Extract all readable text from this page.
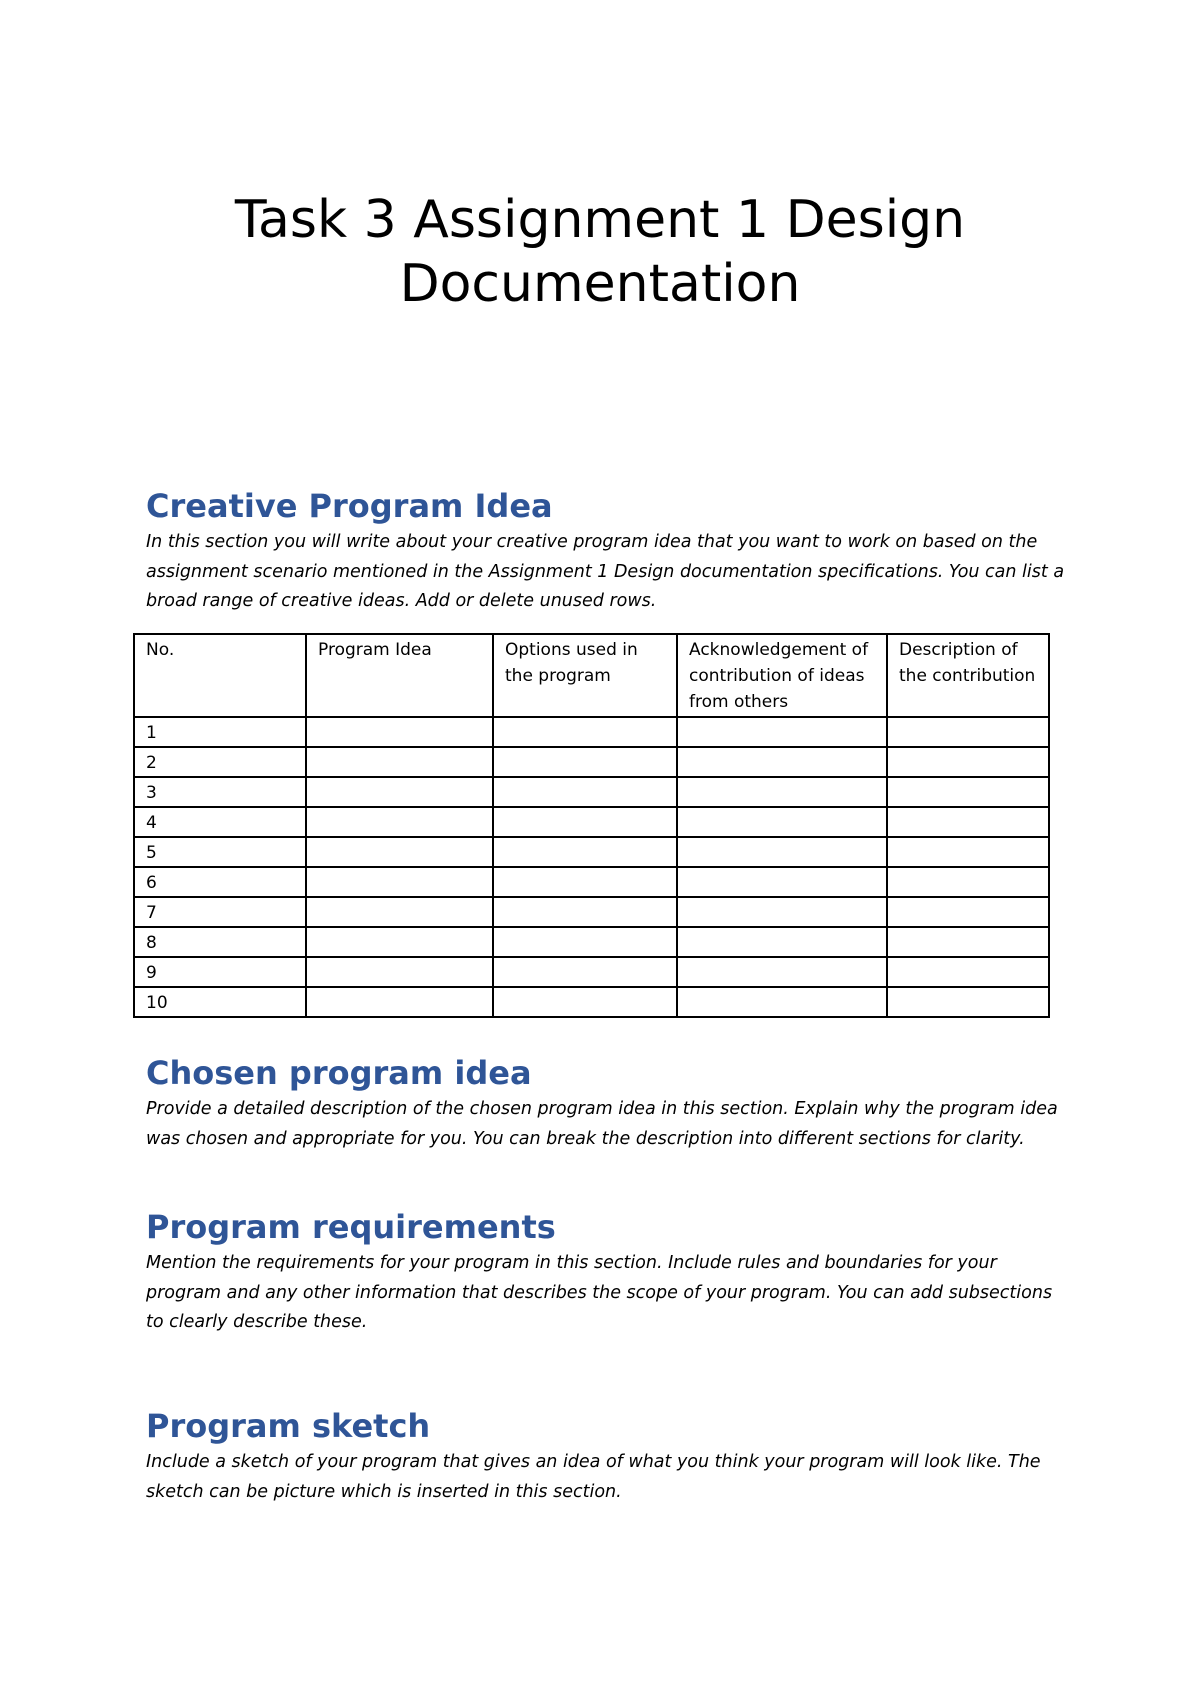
Task 3 Assignment 1 Design
Documentation
Creative Program Idea

In this section you will write about your creative program idea that you want to work on based on the assignment scenario mentioned in the Assignment 1 Design documentation specifications. You can list a broad range of creative ideas. Add or delete unused rows.

No.	Program Idea	Options used in the program	Acknowledgement of contribution of ideas from others	Description of the contribution
1				
2				
3				
4				
5				
6				
7				
8				
9				
10				
Chosen program idea

Provide a detailed description of the chosen program idea in this section. Explain why the program idea was chosen and appropriate for you. You can break the description into different sections for clarity.

Program requirements

Mention the requirements for your program in this section. Include rules and boundaries for your program and any other information that describes the scope of your program. You can add subsections to clearly describe these.

Program sketch

Include a sketch of your program that gives an idea of what you think your program will look like. The sketch can be picture which is inserted in this section.
